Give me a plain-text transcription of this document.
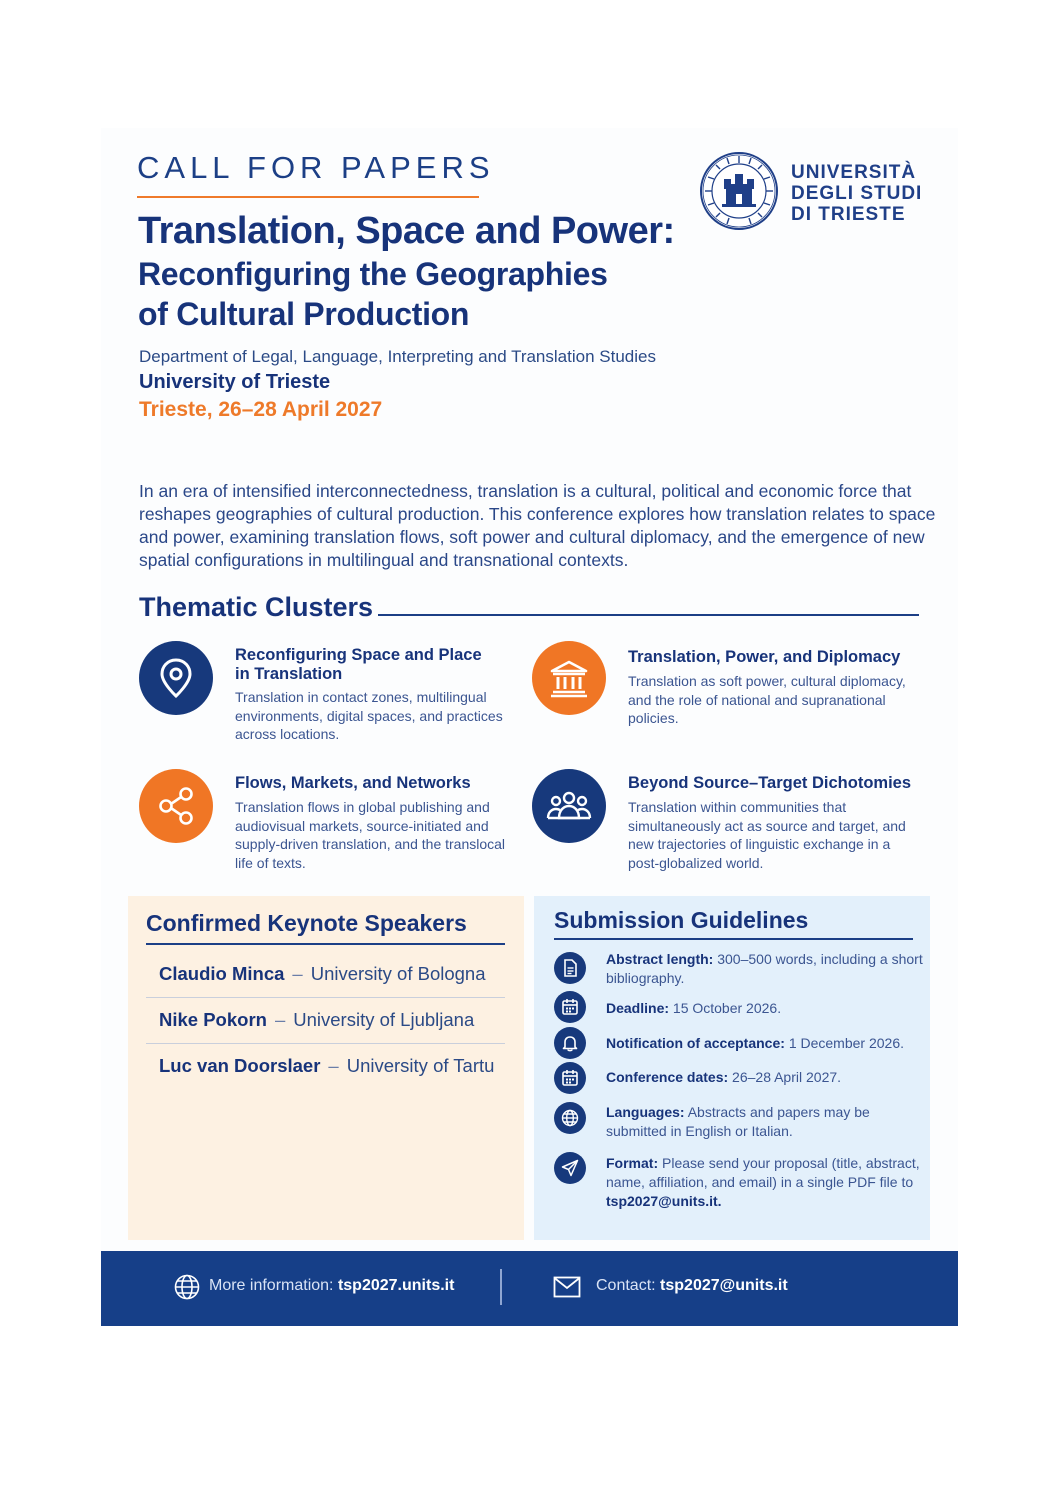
CALL FOR PAPERS
Translation, Space and Power:
Reconfiguring the Geographies
of Cultural Production
Department of Legal, Language, Interpreting and Translation Studies
University of Trieste
Trieste, 26–28 April 2027
UNIVERSITÀ
DEGLI STUDI
DI TRIESTE
In an era of intensified interconnectedness, translation is a cultural, political and economic force that reshapes geographies of cultural production. This conference explores how translation relates to space and power, examining translation flows, soft power and cultural diplomacy, and the emergence of new spatial configurations in multilingual and transnational contexts.
Thematic Clusters
Reconfiguring Space and Place
in Translation
Translation in contact zones, multilingual environments, digital spaces, and practices across locations.
Translation, Power, and Diplomacy
Translation as soft power, cultural diplomacy, and the role of national and supranational policies.
Flows, Markets, and Networks
Translation flows in global publishing and audiovisual markets, source-initiated and supply-driven translation, and the translocal life of texts.
Beyond Source–Target Dichotomies
Translation within communities that simultaneously act as source and target, and new trajectories of linguistic exchange in a post-globalized world.
Confirmed Keynote Speakers
Claudio Minca – University of Bologna
Nike Pokorn – University of Ljubljana
Luc van Doorslaer – University of Tartu
Submission Guidelines
Abstract length: 300–500 words, including a short bibliography.
Deadline: 15 October 2026.
Notification of acceptance: 1 December 2026.
Conference dates: 26–28 April 2027.
Languages: Abstracts and papers may be submitted in English or Italian.
Format: Please send your proposal (title, abstract, name, affiliation, and email) in a single PDF file to
tsp2027@units.it.
More information: tsp2027.units.it	Contact: tsp2027@units.it
